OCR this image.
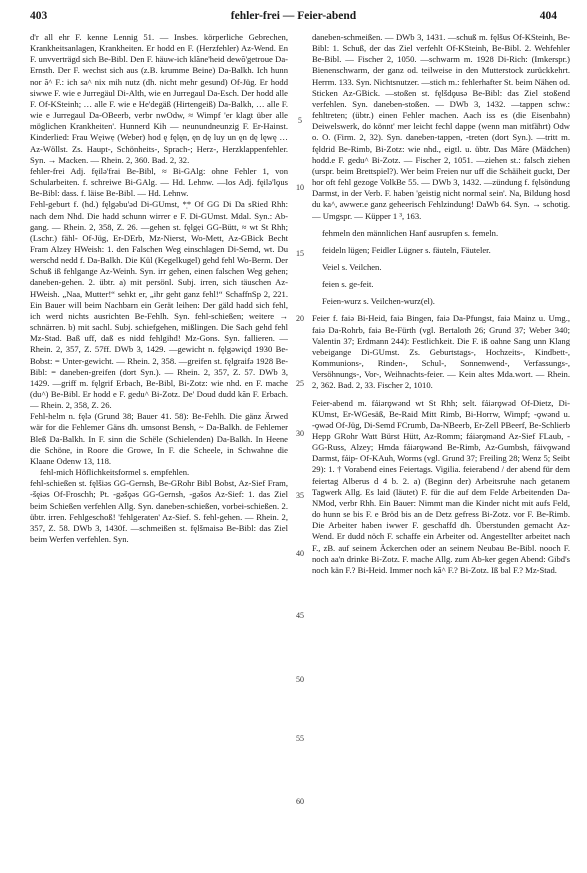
403	fehler-frei — Feier-abend	404

d'r all ehr F. kenne Lennig 51. — Insbes. körperliche Gebrechen, Krankheitsanlagen, Krankheiten. Er hodd en F. (Herzfehler) Az-Wend. En F. unvverträgd sich Be-Bibl. Den F. häuw-ich klãne'heid dewõ'getroue Da-Ernsth. Der F. wechst sich aus (z.B. krumme Beine) Da-Balkh. Ich hunn nor ã^ F.: ich sa^ nix mih nutz (dh. nicht mehr gesund) Of-Jüg. Er hodd siwwe F. wie e Jurregäul Di-Alth, wie en Jurregaul Da-Esch. Der hodd alle F. Of-KSteinh; … alle F. wie e He'degäß (Hirtengeiß) Da-Balkh, … alle F. wie e Jurregaul Da-OBeerb, verbr nwOdw, ≈ Wimpf 'er klagt über alle möglichen Krankheiten'. Hunnerd Kih — neunundneunzig F. Er-Hainst. Kinderlied: Frau Wẹiwẹ (Weber) hod ę fęlęn, ęn dę luy un ęn dę lęwę … Az-Wöllst. Zs. Haupt-, Schönheits-, Sprach-; Herz-, Herzklappenfehler. Syn. → Macken. — Rhein. 2, 360. Bad. 2, 32.

fehler-frei Adj. fęilǝ'frai Be-Bibl, ≈ Bi-GAlg: ohne Fehler 1, von Schularbeiten. f. schreiwe Bi-GAlg. — Hd. Lehnw. —los Adj. fęilǝ'lǫus Be-Bibl: dass. f. läise Be-Bibl. — Hd. Lehnw.

Fehl-geburt f. (hd.) fęlgǝbu'ǝd Di-GUmst, *̣* Of GG Di Da sRied Rhh: nach dem Nhd. Die hadd schunn wirrer e F. Di-GUmst. Mdal. Syn.: Ab-gang. — Rhein. 2, 358, Z. 26. —gehen st. fęlgẹi GG-Bütt, ≈ wt St Rhh; (Lschr.) fähl- Of-Jüg, Er-DErb, Mz-Nierst, Wo-Mett, Az-GBick Becht Fram Alzey HWeish: 1. den Falschen Weg einschlagen Di-Semd, wt. Du werschd nedd f. Da-Balkh. Die Kül (Kegelkugel) gehd fehl Wo-Berm. Der Schuß iß fehlgange Az-Weinh. Syn. irr gehen, einen falschen Weg gehen; daneben-gehen. 2. übtr. a) mit persönl. Subj. irren, sich täuschen Az-HWeish. „Naa, Mutter!“ sehkt er, „ihr geht ganz fehl!“ SchaffnSp 2, 221. Ein Bauer will beim Nachbarn ein Gerät leihen: Der gäld hadd sich fehl, ich werd nichts ausrichten Be-Fehlh. Syn. fehl-schießen; weitere → schnärren. b) mit sachl. Subj. schiefgehen, mißlingen. Die Sach gehd fehl Mz-Stad. Baß uff, daß es nidd fehlgihd! Mz-Gons. Syn. fallieren. — Rhein. 2, 357, Z. 57ff. DWb 3, 1429. —gewicht n. fęlgǝwiçd 1930 Be-Bobst: = Unter-gewicht. — Rhein. 2, 358. —greifen st. fęlgraifǝ 1928 Be-Bibl: = daneben-greifen (dort Syn.). — Rhein. 2, 357, Z. 57. DWb 3, 1429. —griff m. fęlgrif Erbach, Be-Bibl, Bi-Zotz: wie nhd. en F. mache (du^) Be-Bibl. Er hodd e F. gedu^ Bi-Zotz. De' Doud dudd kãn F. Erbach. — Rhein. 2, 358, Z. 26.

Fehl-helm n. fęlǝ (Grund 38; Bauer 41. 58): Be-Fehlh. Die gänz Ärwed wär for die Fehlemer Gäns dh. umsonst Bensh, ~ Da-Balkh. de Fehlemer Bleß Da-Balkh. In F. sinn die Schële (Schielenden) Da-Balkh. In Heene die Schöne, in Roore die Growe, In F. die Scheele, in Schwahne die Klaane Odenw 13, 118.

fehl-mich Höflichkeitsformel s. empfehlen.

fehl-schießen st. fęlšiǝs GG-Gernsh, Be-GRohr Bibl Bobst, Az-Sief Fram, -šęiǝs Of-Froschh; Pt. -gǝšǫǝs GG-Gernsh, -gǝšos Az-Sief: 1. das Ziel beim Schießen verfehlen Allg. Syn. daneben-schießen, vorbei-schießen. 2. übtr. irren. Fehlgeschoß! 'fehlgeraten' Az-Sief. S. fehl-gehen. — Rhein. 2, 357, Z. 58. DWb 3, 1430f. —schmeißen st. fęlšmaisǝ Be-Bibl: das Ziel beim Werfen verfehlen. Syn.

daneben-schmeißen. — DWb 3, 1431. —schuß m. fęlšus Of-KSteinh, Be-Bibl: 1. Schuß, der das Ziel verfehlt Of-KSteinh, Be-Bibl. 2. Wehfehler Be-Bibl. — Fischer 2, 1050. —schwarm m. 1928 Di-Rich: (Imkerspr.) Bienenschwarm, der ganz od. teilweise in den Mutterstock zurückkehrt. Herrm. 133. Syn. Nichtsnutzer. —stich m.: fehlerhafter St. beim Nähen od. Sticken Az-GBick. —stoßen st. fęlšdǫusǝ Be-Bibl: das Ziel stoßend verfehlen. Syn. daneben-stoßen. — DWb 3, 1432. —tappen schw.: fehltreten; (übtr.) einen Fehler machen. Aach iss es (die Eisenbahn) Deiwelswerk, do könnt' mer leicht fechl dappe (wenn man mitfährt) Odw o. O. (Firm. 2, 32). Syn. daneben-tappen, -treten (dort Syn.). —tritt m. fęldrid Be-Rimb, Bi-Zotz: wie nhd., eigtl. u. übtr. Das Mãre (Mädchen) hodd.e F. gedu^ Bi-Zotz. — Fischer 2, 1051. —ziehen st.: falsch ziehen (urspr. beim Brettspiel?). Wer beim Freien nur uff die Schäiheit guckt, Der hor oft fehl gezoge VolkBe 55. — DWb 3, 1432. —zündung f. fęlsöndung Darmst, in der Verb. F. haben 'geistig nicht normal sein'. Na, Bildung hosd du ka^, awwer.e ganz geheerisch Fehlzindung! DaWb 64. Syn. → schotig. — Umgspr. — Küpper 1 ³, 163.

fehmeln den männlichen Hanf ausrupfen s. femeln.

feideln lügen; Feidler Lügner s. fäuteln, Fäuteler.

Veiel s. Veilchen.

feien s. ge-feit.

Feien-wurz s. Veilchen-wurz(el).

Feier f. faiǝ Bi-Heid, faiǝ Bingen, faiǝ Da-Pfungst, faiǝ Mainz u. Umg., faiǝ Da-Rohrb, faiǝ Be-Fürth (vgl. Bertaloth 26; Grund 37; Weber 340; Valentin 37; Erdmann 244): Festlichkeit. Die F. iß oahne Sang unn Klang vebeigange Di-GUmst. Zs. Geburtstags-, Hochzeits-, Kindbett-, Kommunions-, Rinden-, Schul-, Sonnenwend-, Verfassungs-, Versöhnungs-, Vor-, Weihnachts-feier. — Kein altes Mda.wort. — Rhein. 2, 362. Bad. 2, 33. Fischer 2, 1010.

Feier-abend m. fáiǝrǫwǝnd wt St Rhh; selt. fáiǝrǫwǝd Of-Dietz, Di-KUmst, Er-WGesäß, Be-Raid Mitt Rimb, Bi-Horrw, Wimpf; -ǫwǝnd u. -ǫwǝd Of-Jüg, Di-Semd FCrumb, Da-NBeerb, Er-Zell PBeerf, Be-Schlierb Hepp GRohr Watt Bürst Hütt, Az-Romm; fáiǝrǫmǝnd Az-Sief FLaub, -GG-Russ, Alzey; Hmda fáiǝrǫwǝnd Be-Rimb, Az-Gumbsh, fáivǫwǝnd Darmst, fáip- Of-KAuh, Worms (vgl. Grund 37; Freiling 28; Wenz 5; Seibt 29): 1. † Vorabend eines Feiertags. Vigilia. feierabend / der abend für dem feiertag Alberus d 4 b. 2. a) (Beginn der) Arbeitsruhe nach getanem Tagwerk Allg. Es laid (läutet) F. für die auf dem Felde Arbeitenden Da-NMod, verbr Rhh. Ein Bauer: Nimmt man die Kinder nicht mit aufs Feld, do hunn se bis F. e Bröd bis an de Detz gefress Bi-Zotz. vor F. Be-Rimb. Die Arbeiter haben iwwer F. geschaffd dh. Überstunden gemacht Az-Wend. Er dudd nöch F. schaffe ein Arbeiter od. Angestellter arbeitet nach F., zB. auf seinem Äckerchen oder an seinem Neubau Be-Bibl. nooch F. noch aa'n drinke Bi-Zotz. F. mache Allg. zum Ab-ker gegen Abend: Gibd's noch kän F.? Bi-Heid. Immer noch kã^ F.? Bi-Zotz. Iß bal F.? Mz-Stad.

5
10
15
20
25
30
35
40
45
50
55
60
